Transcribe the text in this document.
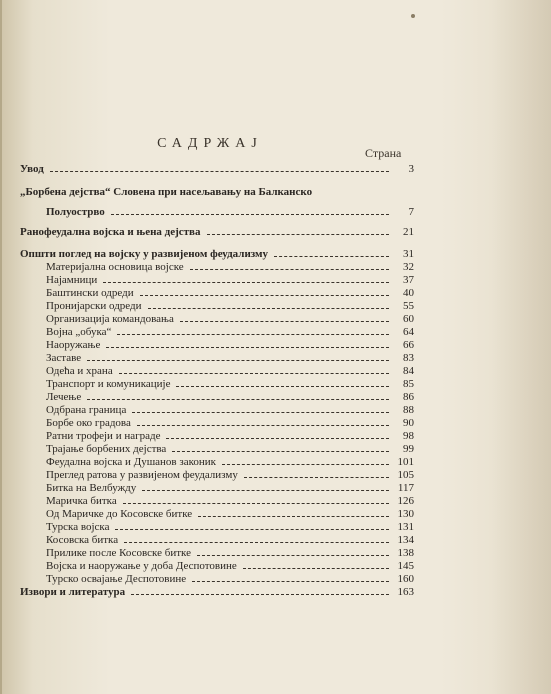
САДРЖАЈ
Страна
Увод	3
„Борбена дејства“ Словена при насељавању на Балканско
Полуострво	7
Ранофеудална војска и њена дејства	21
Општи поглед на војску у развијеном феудализму	31
Материјална основица војске	32
Најамници	37
Баштински одреди	40
Пронијарски одреди	55
Организација командовања	60
Војна „обука“	64
Наоружање	66
Заставе	83
Одећа и храна	84
Транспорт и комуникације	85
Лечење	86
Одбрана граница	88
Борбе око градова	90
Ратни трофеји и награде	98
Трајање борбених дејства	99
Феудална војска и Душанов законик	101
Преглед ратова у развијеном феудализму	105
Битка на Велбужду	117
Маричка битка	126
Од Маричке до Косовске битке	130
Турска војска	131
Косовска битка	134
Прилике после Косовске битке	138
Војска и наоружање у доба Деспотовине	145
Турско освајање Деспотовине	160
Извори и литература	163
